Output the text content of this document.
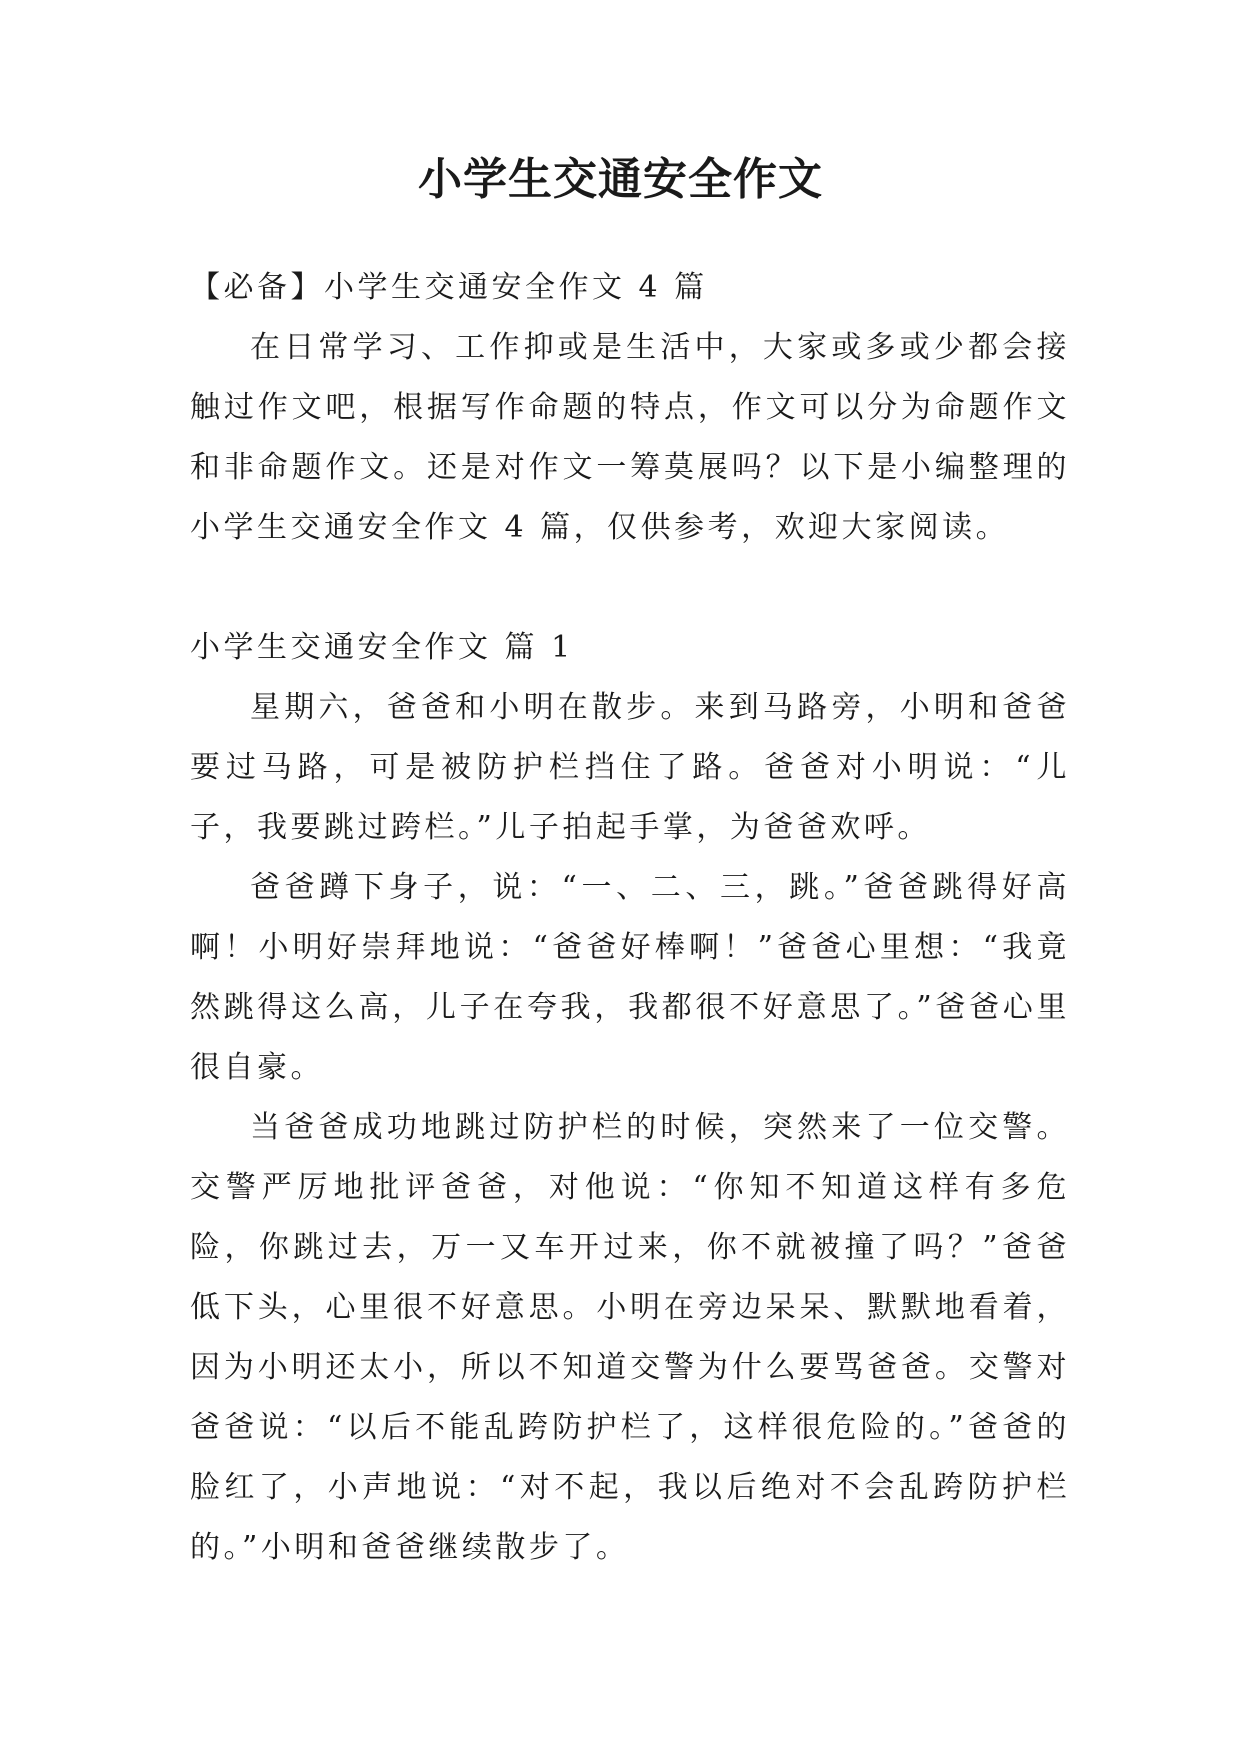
小学生交通安全作文

【必备】小学生交通安全作文 4 篇

在日常学习、工作抑或是生活中，大家或多或少都会接触过作文吧，根据写作命题的特点，作文可以分为命题作文和非命题作文。还是对作文一筹莫展吗？以下是小编整理的小学生交通安全作文 4 篇，仅供参考，欢迎大家阅读。

小学生交通安全作文 篇 1

星期六，爸爸和小明在散步。来到马路旁，小明和爸爸要过马路，可是被防护栏挡住了路。爸爸对小明说：“儿子，我要跳过跨栏。”儿子拍起手掌，为爸爸欢呼。

爸爸蹲下身子，说：“一、二、三，跳。”爸爸跳得好高啊！小明好崇拜地说：“爸爸好棒啊！”爸爸心里想：“我竟然跳得这么高，儿子在夸我，我都很不好意思了。”爸爸心里很自豪。

当爸爸成功地跳过防护栏的时候，突然来了一位交警。交警严厉地批评爸爸，对他说：“你知不知道这样有多危险，你跳过去，万一又车开过来，你不就被撞了吗？”爸爸低下头，心里很不好意思。小明在旁边呆呆、默默地看着，因为小明还太小，所以不知道交警为什么要骂爸爸。交警对爸爸说：“以后不能乱跨防护栏了，这样很危险的。”爸爸的脸红了，小声地说：“对不起，我以后绝对不会乱跨防护栏的。”小明和爸爸继续散步了。
